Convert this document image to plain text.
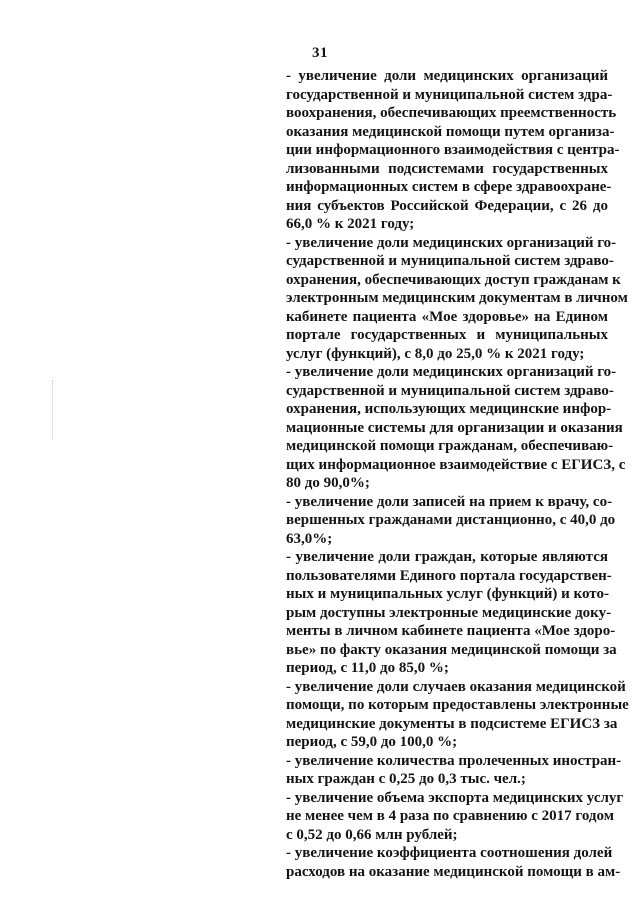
31
- увеличение доли медицинских организаций
государственной и муниципальной систем здра-
воохранения, обеспечивающих преемственность
оказания медицинской помощи путем организа-
ции информационного взаимодействия с центра-
лизованными подсистемами государственных
информационных систем в сфере здравоохране-
ния субъектов Российской Федерации, с 26 до
66,0 % к 2021 году;
- увеличение доли медицинских организаций го-
сударственной и муниципальной систем здраво-
охранения, обеспечивающих доступ гражданам к
электронным медицинским документам в личном
кабинете пациента «Мое здоровье» на Едином
портале государственных и муниципальных
услуг (функций), с 8,0 до 25,0 % к 2021 году;
- увеличение доли медицинских организаций го-
сударственной и муниципальной систем здраво-
охранения, использующих медицинские инфор-
мационные системы для организации и оказания
медицинской помощи гражданам, обеспечиваю-
щих информационное взаимодействие с ЕГИСЗ, с
80 до 90,0%;
- увеличение доли записей на прием к врачу, со-
вершенных гражданами дистанционно, с 40,0 до
63,0%;
- увеличение доли граждан, которые являются
пользователями Единого портала государствен-
ных и муниципальных услуг (функций) и кото-
рым доступны электронные медицинские доку-
менты в личном кабинете пациента «Мое здоро-
вье» по факту оказания медицинской помощи за
период, с 11,0 до 85,0 %;
- увеличение доли случаев оказания медицинской
помощи, по которым предоставлены электронные
медицинские документы в подсистеме ЕГИСЗ за
период, с 59,0 до 100,0 %;
- увеличение количества пролеченных иностран-
ных граждан с 0,25 до 0,3 тыс. чел.;
- увеличение объема экспорта медицинских услуг
не менее чем в 4 раза по сравнению с 2017 годом
с 0,52 до 0,66 млн рублей;
- увеличение коэффициента соотношения долей
расходов на оказание медицинской помощи в ам-
